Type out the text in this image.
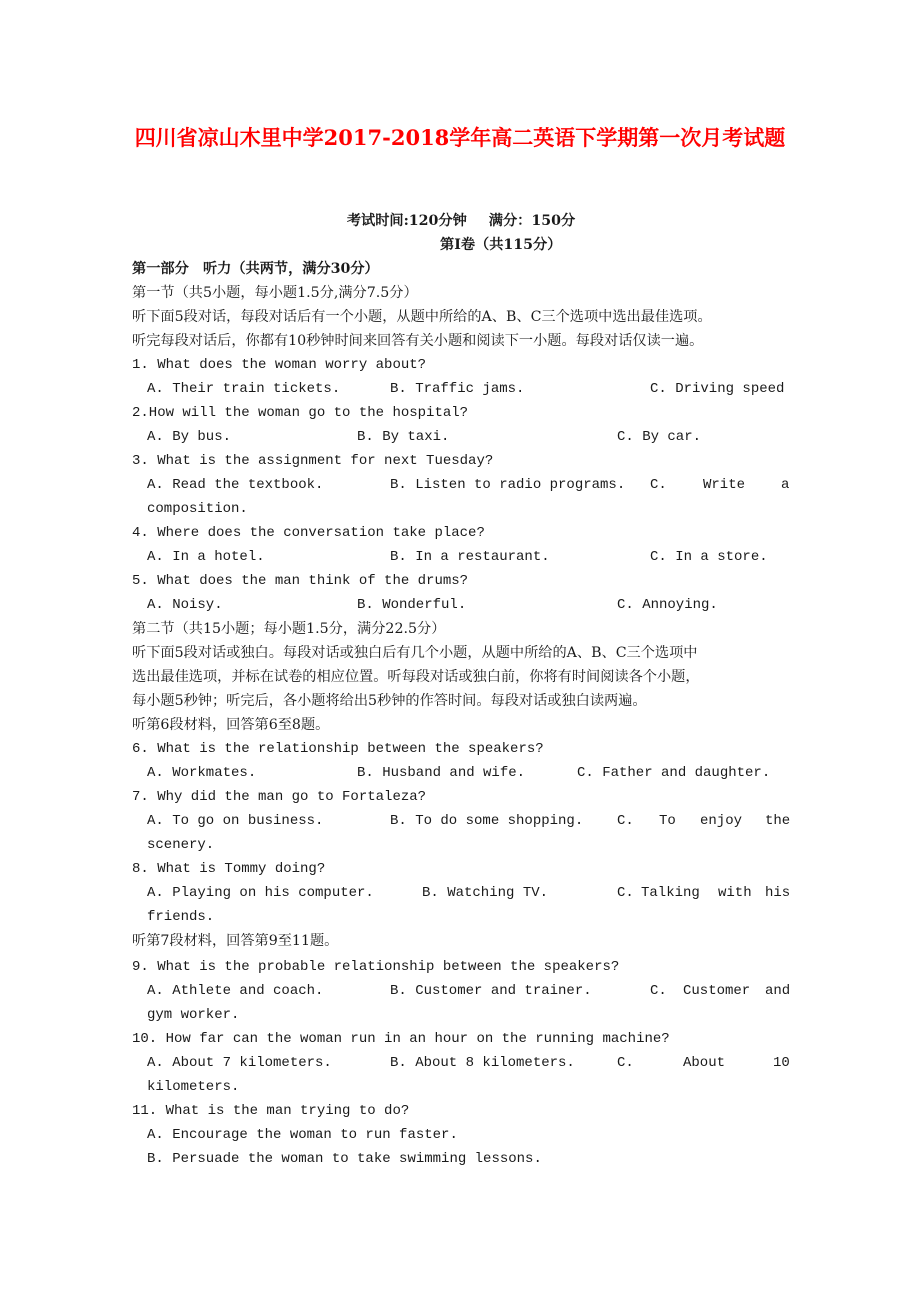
四川省凉山木里中学2017-2018学年高二英语下学期第一次月考试题
考试时间:120分钟 满分：150分
第I卷（共115分）
第一部分　听力（共两节，满分30分）
第一节（共5小题，每小题1.5分,满分7.5分）
听下面5段对话，每段对话后有一个小题，从题中所给的A、B、C三个选项中选出最佳选项。
听完每段对话后，你都有10秒钟时间来回答有关小题和阅读下一小题。每段对话仅读一遍。
1. What does the woman worry about?
A. Their train tickets.	B. Traffic jams.	C. Driving speed
2.How will the woman go to the hospital?
A. By bus.	B. By taxi.	C. By car.
3. What is the assignment for next Tuesday?
A. Read the textbook.	B. Listen to radio programs. C.	Write	a
composition.
4. Where does the conversation take place?
A. In a hotel.	B. In a restaurant.	C. In a store.
5. What does the man think of the drums?
A. Noisy.	B. Wonderful.	C. Annoying.
第二节（共15小题；每小题1.5分，满分22.5分）
听下面5段对话或独白。每段对话或独白后有几个小题，从题中所给的A、B、C三个选项中
选出最佳选项，并标在试卷的相应位置。听每段对话或独白前，你将有时间阅读各个小题，
每小题5秒钟；听完后，各小题将给出5秒钟的作答时间。每段对话或独白读两遍。
听第6段材料，回答第6至8题。
6. What is the relationship between the speakers?
A. Workmates.	B. Husband and wife.	C. Father and daughter.
7. Why did the man go to Fortaleza?
A. To go on business.	B. To do some shopping. C. To enjoy the
scenery.
8. What is Tommy doing?
A. Playing on his computer.	B. Watching TV.	C. Talking with his
friends.
听第7段材料，回答第9至11题。
9. What is the probable relationship between the speakers?
A. Athlete and coach.	B. Customer and trainer.	C. Customer and
gym worker.
10. How far can the woman run in an hour on the running machine?
A. About 7 kilometers.	B. About 8 kilometers.	C.	About	10
kilometers.
11. What is the man trying to do?
A. Encourage the woman to run faster.
B. Persuade the woman to take swimming lessons.
